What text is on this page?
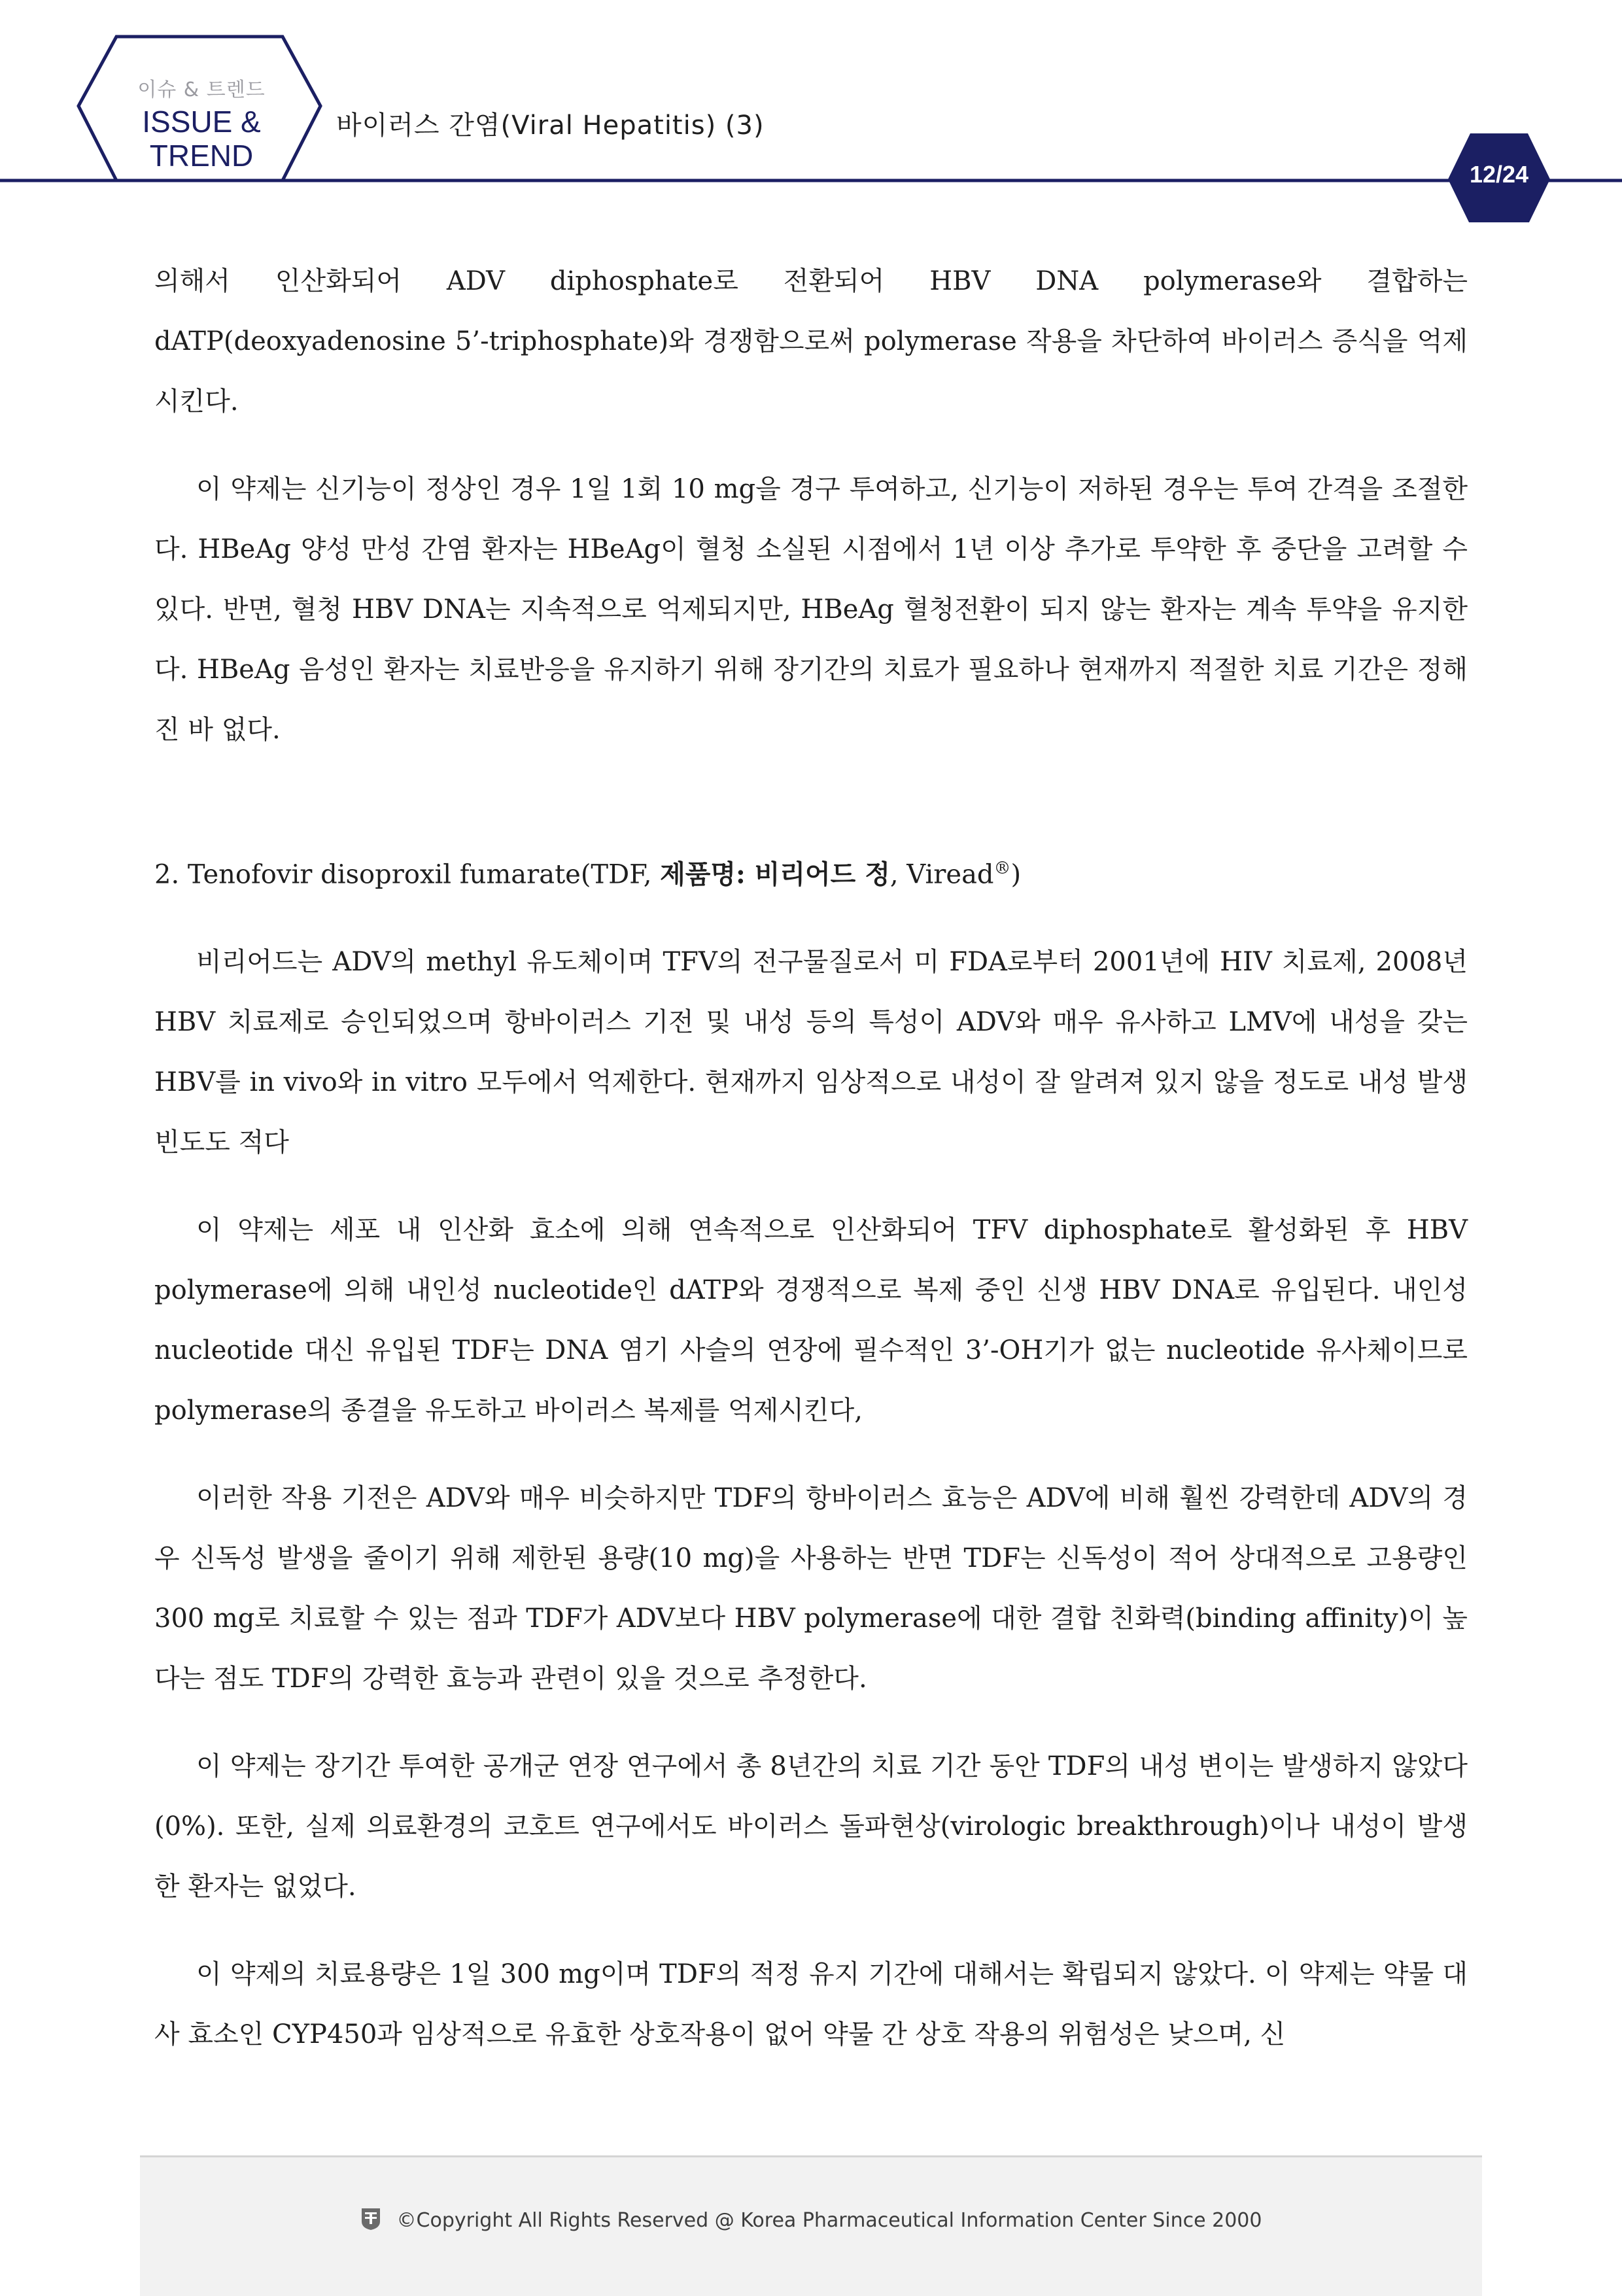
이슈 & 트렌드
ISSUE &
TREND
바이러스 간염(Viral Hepatitis) (3)
12/24

의해서 인산화되어 ADV diphosphate로 전환되어 HBV DNA polymerase와 결합하는 dATP(deoxyadenosine 5’-triphosphate)와 경쟁함으로써 polymerase 작용을 차단하여 바이러스 증식을 억제시킨다.

이 약제는 신기능이 정상인 경우 1일 1회 10 mg을 경구 투여하고, 신기능이 저하된 경우는 투여 간격을 조절한다. HBeAg 양성 만성 간염 환자는 HBeAg이 혈청 소실된 시점에서 1년 이상 추가로 투약한 후 중단을 고려할 수 있다. 반면, 혈청 HBV DNA는 지속적으로 억제되지만, HBeAg 혈청전환이 되지 않는 환자는 계속 투약을 유지한다. HBeAg 음성인 환자는 치료반응을 유지하기 위해 장기간의 치료가 필요하나 현재까지 적절한 치료 기간은 정해진 바 없다.

2. Tenofovir disoproxil fumarate(TDF, 제품명: 비리어드 정, Viread®)

비리어드는 ADV의 methyl 유도체이며 TFV의 전구물질로서 미 FDA로부터 2001년에 HIV 치료제, 2008년 HBV 치료제로 승인되었으며 항바이러스 기전 및 내성 등의 특성이 ADV와 매우 유사하고 LMV에 내성을 갖는 HBV를 in vivo와 in vitro 모두에서 억제한다. 현재까지 임상적으로 내성이 잘 알려져 있지 않을 정도로 내성 발생 빈도도 적다

이 약제는 세포 내 인산화 효소에 의해 연속적으로 인산화되어 TFV diphosphate로 활성화된 후 HBV polymerase에 의해 내인성 nucleotide인 dATP와 경쟁적으로 복제 중인 신생 HBV DNA로 유입된다. 내인성 nucleotide 대신 유입된 TDF는 DNA 염기 사슬의 연장에 필수적인 3’-OH기가 없는 nucleotide 유사체이므로 polymerase의 종결을 유도하고 바이러스 복제를 억제시킨다,

이러한 작용 기전은 ADV와 매우 비슷하지만 TDF의 항바이러스 효능은 ADV에 비해 훨씬 강력한데 ADV의 경우 신독성 발생을 줄이기 위해 제한된 용량(10 mg)을 사용하는 반면 TDF는 신독성이 적어 상대적으로 고용량인 300 mg로 치료할 수 있는 점과 TDF가 ADV보다 HBV polymerase에 대한 결합 친화력(binding affinity)이 높다는 점도 TDF의 강력한 효능과 관련이 있을 것으로 추정한다.

이 약제는 장기간 투여한 공개군 연장 연구에서 총 8년간의 치료 기간 동안 TDF의 내성 변이는 발생하지 않았다(0%). 또한, 실제 의료환경의 코호트 연구에서도 바이러스 돌파현상(virologic breakthrough)이나 내성이 발생한 환자는 없었다.

이 약제의 치료용량은 1일 300 mg이며 TDF의 적정 유지 기간에 대해서는 확립되지 않았다. 이 약제는 약물 대사 효소인 CYP450과 임상적으로 유효한 상호작용이 없어 약물 간 상호 작용의 위험성은 낮으며, 신

©Copyright All Rights Reserved @ Korea Pharmaceutical Information Center Since 2000
